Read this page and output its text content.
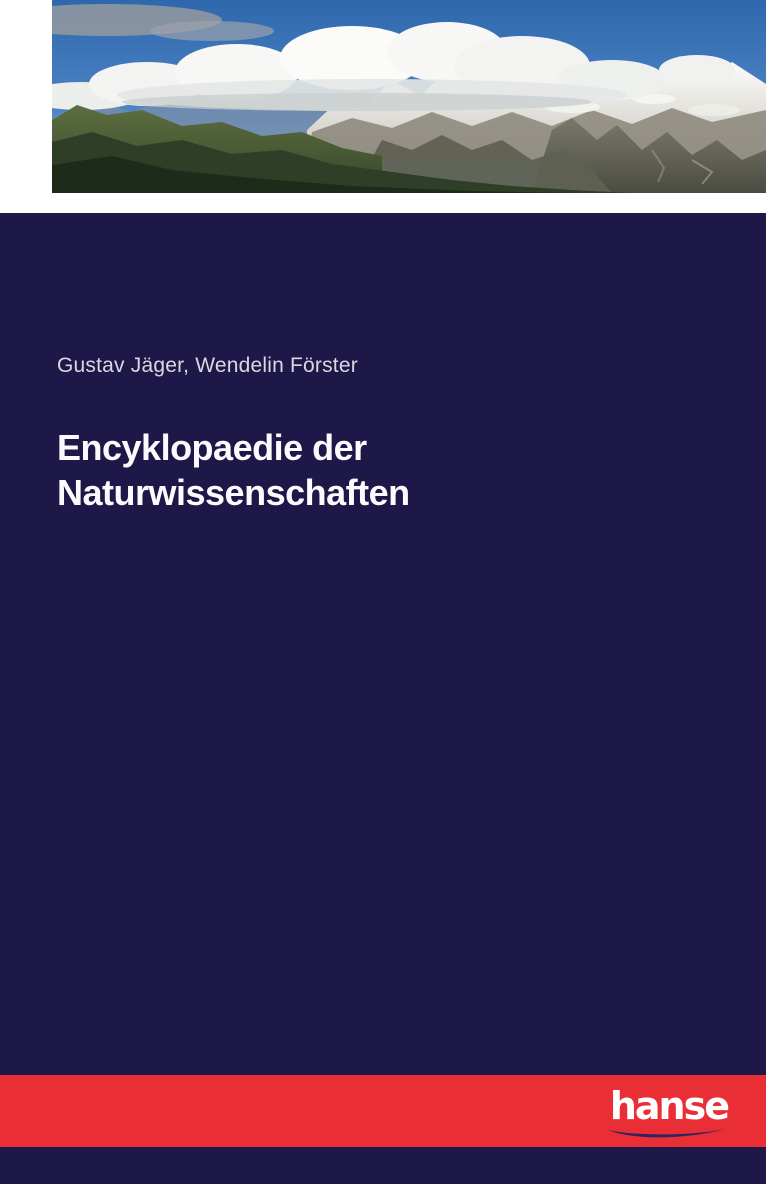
Gustav Jäger, Wendelin Förster
Encyklopaedie der
Naturwissenschaften
hanse
